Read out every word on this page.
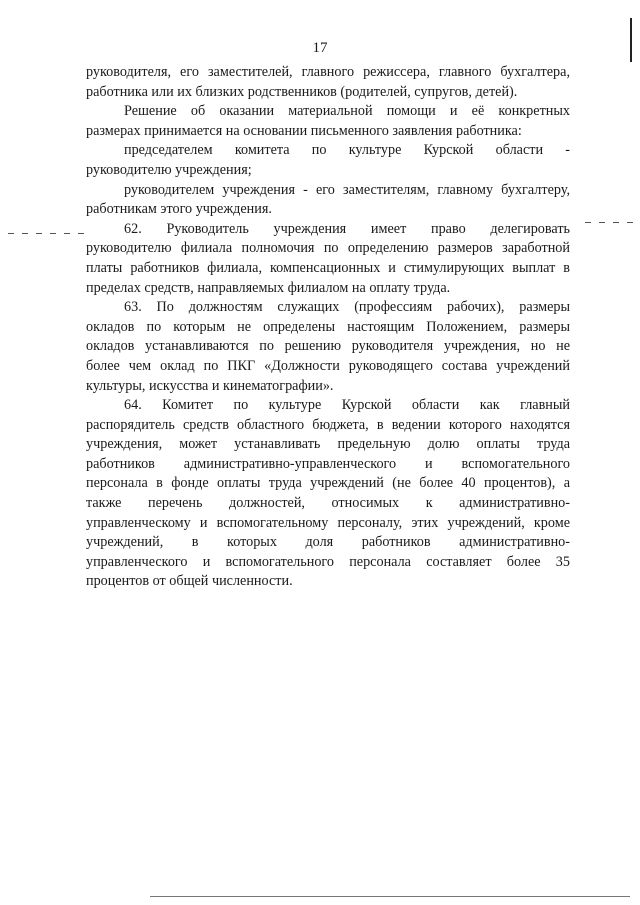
17

руководителя, его заместителей, главного режиссера, главного бухгалтера,
работника или их близких родственников (родителей, супругов, детей).

Решение об оказании материальной помощи и её конкретных
размерах принимается на основании письменного заявления работника:

председателем комитета по культуре Курской области -
руководителю учреждения;

руководителем учреждения - его заместителям, главному бухгалтеру,
работникам этого учреждения.

62. Руководитель учреждения имеет право делегировать
руководителю филиала полномочия по определению размеров заработной
платы работников филиала, компенсационных и стимулирующих выплат в
пределах средств, направляемых филиалом на оплату труда.

63. По должностям служащих (профессиям рабочих), размеры
окладов по которым не определены настоящим Положением, размеры
окладов устанавливаются по решению руководителя учреждения, но не
более чем оклад по ПКГ «Должности руководящего состава учреждений
культуры, искусства и кинематографии».

64. Комитет по культуре Курской области как главный
распорядитель средств областного бюджета, в ведении которого находятся
учреждения, может устанавливать предельную долю оплаты труда
работников административно-управленческого и вспомогательного
персонала в фонде оплаты труда учреждений (не более 40 процентов), а
также перечень должностей, относимых к административно-
управленческому и вспомогательному персоналу, этих учреждений, кроме
учреждений, в которых доля работников административно-
управленческого и вспомогательного персонала составляет более 35
процентов от общей численности.
